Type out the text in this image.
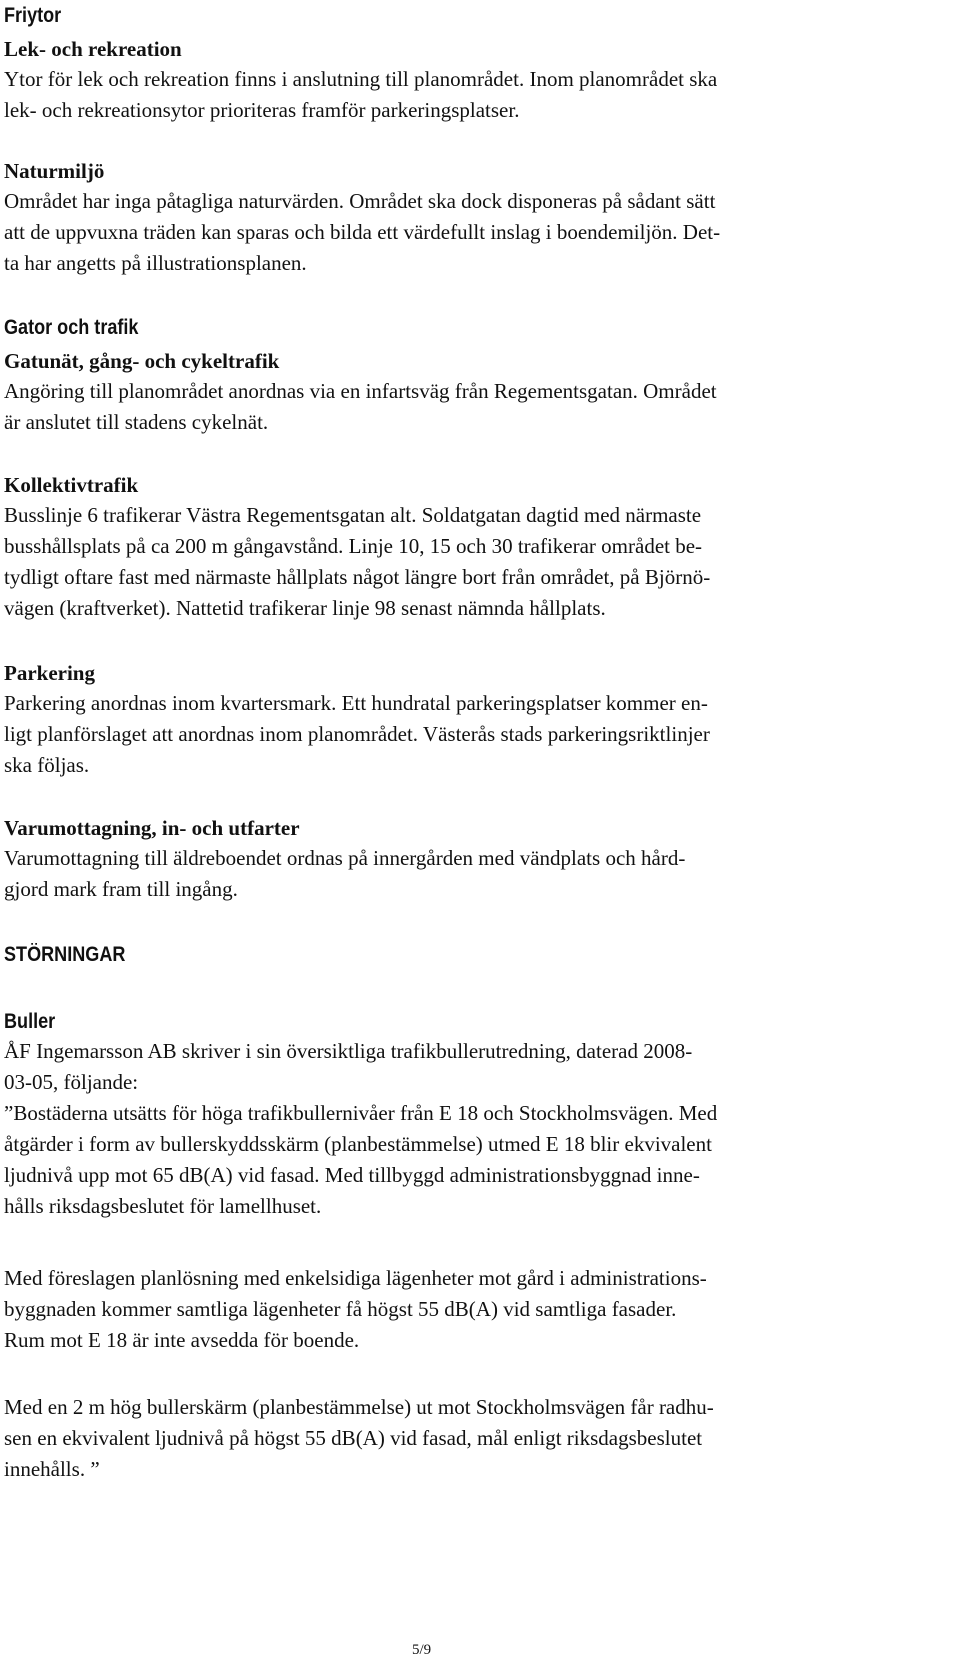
Friytor
Lek- och rekreation
Ytor för lek och rekreation finns i anslutning till planområdet. Inom planområdet ska
lek- och rekreationsytor prioriteras framför parkeringsplatser.
Naturmiljö
Området har inga påtagliga naturvärden. Området ska dock disponeras på sådant sätt
att de uppvuxna träden kan sparas och bilda ett värdefullt inslag i boendemiljön. Det-
ta har angetts på illustrationsplanen.
Gator och trafik
Gatunät, gång- och cykeltrafik
Angöring till planområdet anordnas via en infartsväg från Regementsgatan. Området
är anslutet till stadens cykelnät.
Kollektivtrafik
Busslinje 6 trafikerar Västra Regementsgatan alt. Soldatgatan dagtid med närmaste
busshållsplats på ca 200 m gångavstånd. Linje 10, 15 och 30 trafikerar området be-
tydligt oftare fast med närmaste hållplats något längre bort från området, på Björnö-
vägen (kraftverket). Nattetid trafikerar linje 98 senast nämnda hållplats.
Parkering
Parkering anordnas inom kvartersmark. Ett hundratal parkeringsplatser kommer en-
ligt planförslaget att anordnas inom planområdet. Västerås stads parkeringsriktlinjer
ska följas.
Varumottagning, in- och utfarter
Varumottagning till äldreboendet ordnas på innergården med vändplats och hård-
gjord mark fram till ingång.
STÖRNINGAR
Buller
ÅF Ingemarsson AB skriver i sin översiktliga trafikbullerutredning, daterad 2008-
03-05, följande:
”Bostäderna utsätts för höga trafikbullernivåer från E 18 och Stockholmsvägen. Med
åtgärder i form av bullerskyddsskärm (planbestämmelse) utmed E 18 blir ekvivalent
ljudnivå upp mot 65 dB(A) vid fasad. Med tillbyggd administrationsbyggnad inne-
hålls riksdagsbeslutet för lamellhuset.
Med föreslagen planlösning med enkelsidiga lägenheter mot gård i administrations-
byggnaden kommer samtliga lägenheter få högst 55 dB(A) vid samtliga fasader.
Rum mot E 18 är inte avsedda för boende.
Med en 2 m hög bullerskärm (planbestämmelse) ut mot Stockholmsvägen får radhu-
sen en ekvivalent ljudnivå på högst 55 dB(A) vid fasad, mål enligt riksdagsbeslutet
innehålls. ”
5/9
